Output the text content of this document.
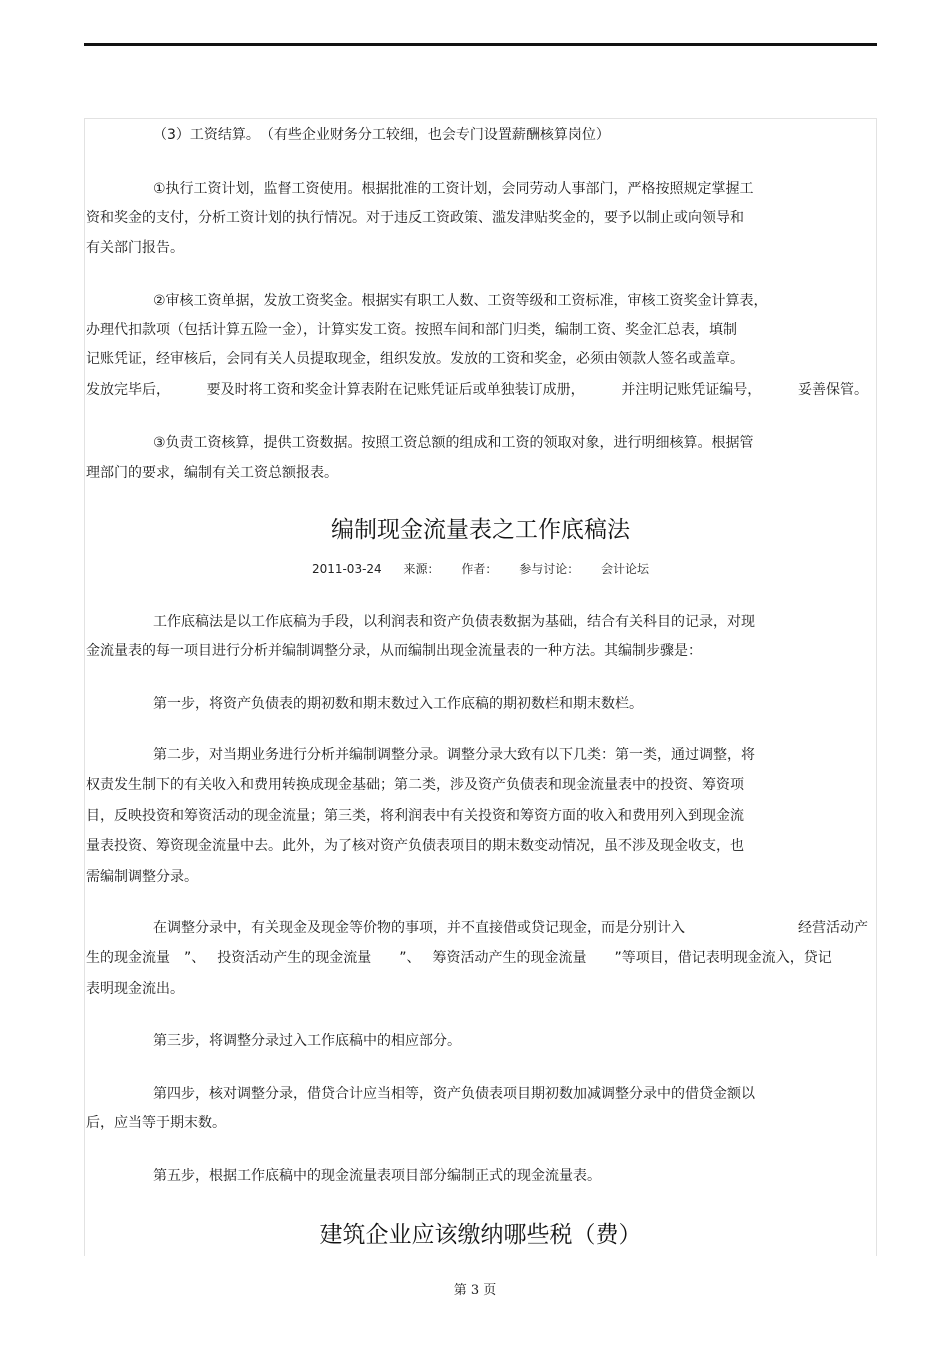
（3）工资结算。　（有些企业财务分工较细，也会专门设置薪酬核算岗位）
①执行工资计划，监督工资使用。根据批准的工资计划，会同劳动人事部门，严格按照规定掌握工
资和奖金的支付，分析工资计划的执行情况。对于违反工资政策、滥发津贴奖金的，要予以制止或向领导和
有关部门报告。
②审核工资单据，发放工资奖金。根据实有职工人数、工资等级和工资标准，审核工资奖金计算表，
办理代扣款项（包括计算五险一金），计算实发工资。按照车间和部门归类，编制工资、奖金汇总表，填制
记账凭证，经审核后，会同有关人员提取现金，组织发放。发放的工资和奖金，必须由领款人签名或盖章。
发放完毕后，	要及时将工资和奖金计算表附在记账凭证后或单独装订成册，	并注明记账凭证编号，	妥善保管。
③负责工资核算，提供工资数据。按照工资总额的组成和工资的领取对象，进行明细核算。根据管
理部门的要求，编制有关工资总额报表。
编制现金流量表之工作底稿法
2011-03-24 来源： 作者： 参与讨论： 会计论坛
工作底稿法是以工作底稿为手段，以利润表和资产负债表数据为基础，结合有关科目的记录，对现
金流量表的每一项目进行分析并编制调整分录，从而编制出现金流量表的一种方法。其编制步骤是：
第一步，将资产负债表的期初数和期末数过入工作底稿的期初数栏和期末数栏。
第二步，对当期业务进行分析并编制调整分录。调整分录大致有以下几类：第一类，通过调整，将
权责发生制下的有关收入和费用转换成现金基础；第二类，涉及资产负债表和现金流量表中的投资、筹资项
目，反映投资和筹资活动的现金流量；第三类，将利润表中有关投资和筹资方面的收入和费用列入到现金流
量表投资、筹资现金流量中去。此外，为了核对资产负债表项目的期末数变动情况，虽不涉及现金收支，也
需编制调整分录。
在调整分录中，有关现金及现金等价物的事项，并不直接借或贷记现金，而是分别计入	经营活动产
生的现金流量　”、 投资活动产生的现金流量　　”、 筹资活动产生的现金流量　　”等项目，借记表明现金流入，贷记
表明现金流出。
第三步，将调整分录过入工作底稿中的相应部分。
第四步，核对调整分录，借贷合计应当相等，资产负债表项目期初数加减调整分录中的借贷金额以
后，应当等于期末数。
第五步，根据工作底稿中的现金流量表项目部分编制正式的现金流量表。
建筑企业应该缴纳哪些税（费）
第 3 页
